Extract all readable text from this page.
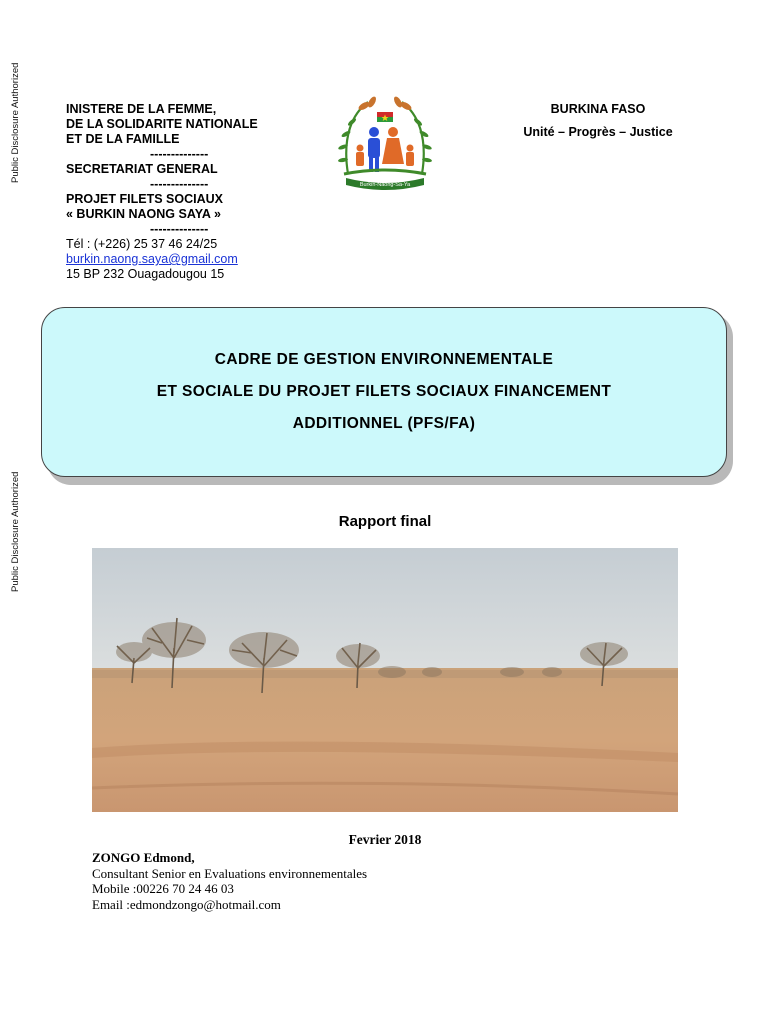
Public Disclosure Authorized
Public Disclosure Authorized
INISTERE DE LA FEMME,
DE LA SOLIDARITE NATIONALE
ET DE LA FAMILLE
--------------
SECRETARIAT GENERAL
--------------
PROJET FILETS SOCIAUX
« BURKIN NAONG SAYA »
--------------
Tél : (+226) 25 37 46 24/25
burkin.naong.saya@gmail.com
15 BP 232 Ouagadougou 15
Burkin-Naong-Sa-Ya
BURKINA FASO
Unité – Progrès – Justice
CADRE DE GESTION ENVIRONNEMENTALE
ET SOCIALE DU PROJET FILETS SOCIAUX FINANCEMENT
ADDITIONNEL (PFS/FA)
Rapport final
Fevrier 2018
ZONGO Edmond,
Consultant Senior en Evaluations environnementales
Mobile :00226 70 24 46 03
Email :edmondzongo@hotmail.com
